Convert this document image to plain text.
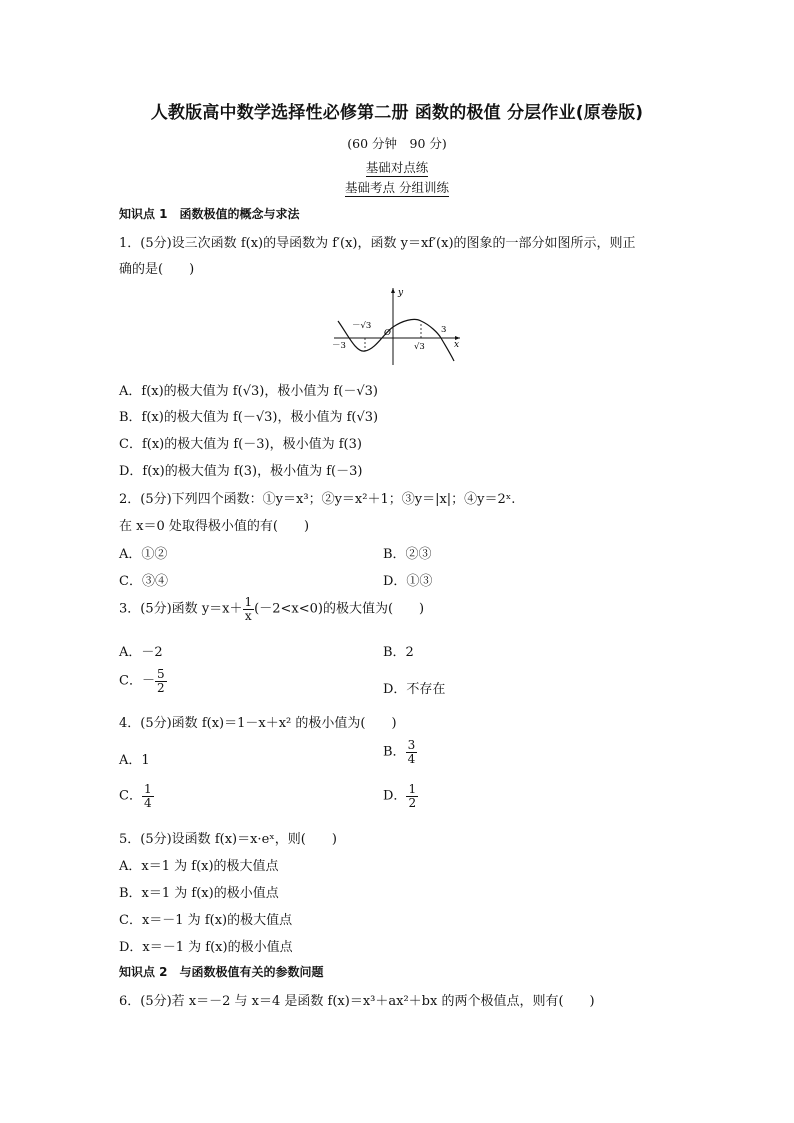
人教版高中数学选择性必修第二册 函数的极值 分层作业(原卷版)
(60 分钟　90 分)
基础对点练
基础考点 分组训练
知识点 1　函数极值的概念与求法
1．(5分)设三次函数 f(x)的导函数为 f′(x)，函数 y＝xf′(x)的图象的一部分如图所示，则正
确的是(　　)
y
x
O
－√3
√3
－3
3
A．f(x)的极大值为 f(√3)，极小值为 f(－√3)
B．f(x)的极大值为 f(－√3)，极小值为 f(√3)
C．f(x)的极大值为 f(－3)，极小值为 f(3)
D．f(x)的极大值为 f(3)，极小值为 f(－3)
2．(5分)下列四个函数：①y＝x³；②y＝x²＋1；③y＝|x|；④y＝2ˣ.
在 x＝0 处取得极小值的有(　　)
A．①②	B．②③
C．③④	D．①③
3．(5分)函数 $y=x+ \frac{1}{x} (-2<x<0)$的极大值为(　　)
A．－2	B．2
C．－ $\frac{5}{2}$	D．不存在
4．(5分)函数 f(x)＝1－x＋x² 的极小值为(　　)
A．1
B． $\frac{3}{4}$
C． $\frac{1}{4}$	D． $\frac{1}{2}$
5．(5分)设函数 f(x)＝x·eˣ，则(　　)
A．x＝1 为 f(x)的极大值点
B．x＝1 为 f(x)的极小值点
C．x＝－1 为 f(x)的极大值点
D．x＝－1 为 f(x)的极小值点
知识点 2　与函数极值有关的参数问题
6．(5分)若 x＝－2 与 x＝4 是函数 f(x)＝x³＋ax²＋bx 的两个极值点，则有(　　)
